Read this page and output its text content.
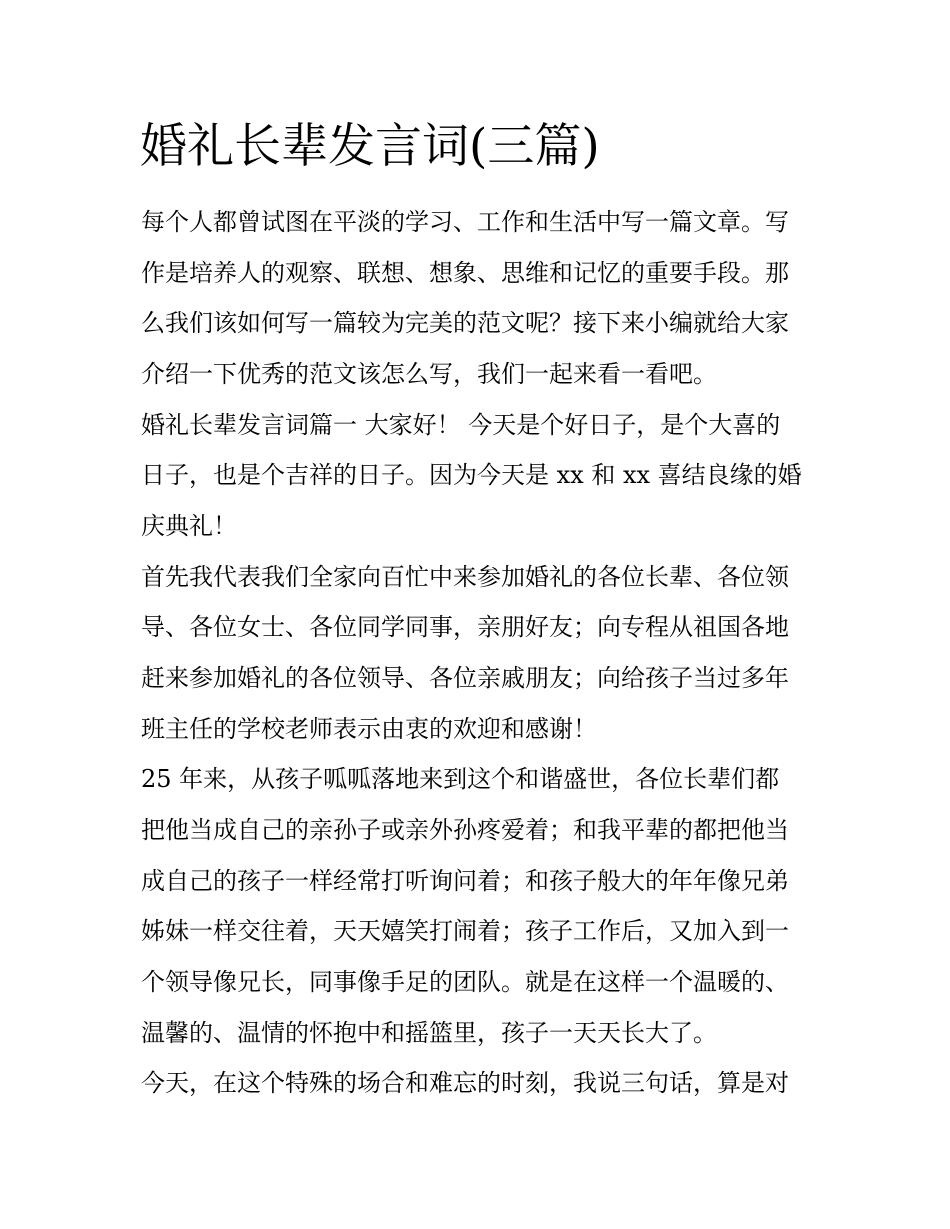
婚礼长辈发言词(三篇)

每个人都曾试图在平淡的学习、工作和生活中写一篇文章。写

作是培养人的观察、联想、想象、思维和记忆的重要手段。那

么我们该如何写一篇较为完美的范文呢？接下来小编就给大家

介绍一下优秀的范文该怎么写，我们一起来看一看吧。

婚礼长辈发言词篇一 大家好！ 今天是个好日子，是个大喜的

日子，也是个吉祥的日子。因为今天是 xx 和 xx 喜结良缘的婚

庆典礼！

首先我代表我们全家向百忙中来参加婚礼的各位长辈、各位领

导、各位女士、各位同学同事，亲朋好友；向专程从祖国各地

赶来参加婚礼的各位领导、各位亲戚朋友；向给孩子当过多年

班主任的学校老师表示由衷的欢迎和感谢！

25 年来，从孩子呱呱落地来到这个和谐盛世，各位长辈们都

把他当成自己的亲孙子或亲外孙疼爱着；和我平辈的都把他当

成自己的孩子一样经常打听询问着；和孩子般大的年年像兄弟

姊妹一样交往着，天天嬉笑打闹着；孩子工作后，又加入到一

个领导像兄长，同事像手足的团队。就是在这样一个温暖的、

温馨的、温情的怀抱中和摇篮里，孩子一天天长大了。

今天，在这个特殊的场合和难忘的时刻，我说三句话，算是对
